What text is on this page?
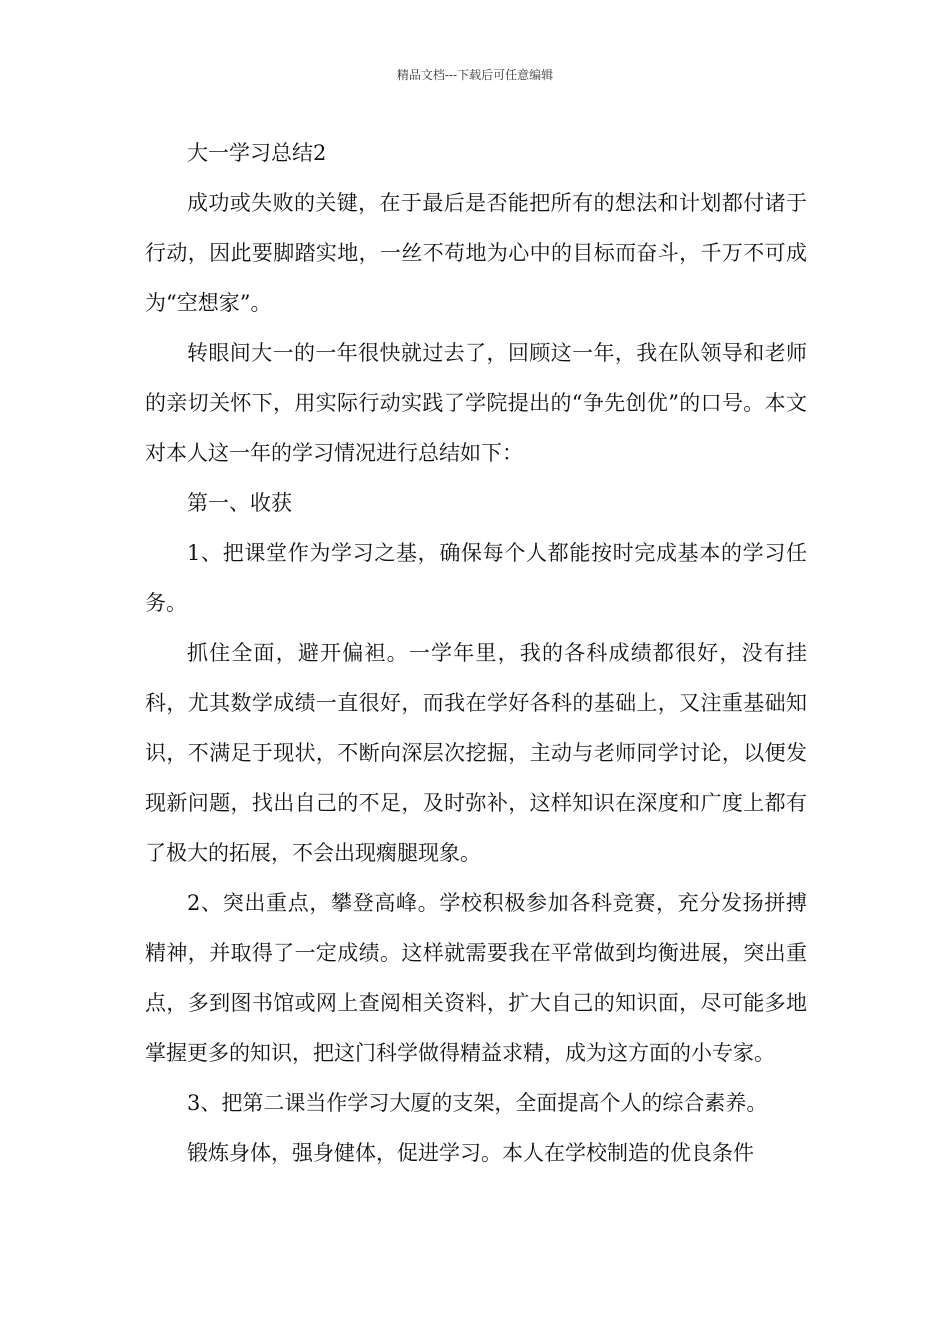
精品文档---下载后可任意编辑

大一学习总结2

成功或失败的关键，在于最后是否能把所有的想法和计划都付诸于行动，因此要脚踏实地，一丝不苟地为心中的目标而奋斗，千万不可成为“空想家”。

转眼间大一的一年很快就过去了，回顾这一年，我在队领导和老师的亲切关怀下，用实际行动实践了学院提出的“争先创优”的口号。本文对本人这一年的学习情况进行总结如下：

第一、收获

1、把课堂作为学习之基，确保每个人都能按时完成基本的学习任务。

抓住全面，避开偏袒。一学年里，我的各科成绩都很好，没有挂科，尤其数学成绩一直很好，而我在学好各科的基础上，又注重基础知识，不满足于现状，不断向深层次挖掘，主动与老师同学讨论，以便发现新问题，找出自己的不足，及时弥补，这样知识在深度和广度上都有了极大的拓展，不会出现瘸腿现象。

2、突出重点，攀登高峰。学校积极参加各科竞赛，充分发扬拼搏精神，并取得了一定成绩。这样就需要我在平常做到均衡进展，突出重点，多到图书馆或网上查阅相关资料，扩大自己的知识面，尽可能多地掌握更多的知识，把这门科学做得精益求精，成为这方面的小专家。

3、把第二课当作学习大厦的支架，全面提高个人的综合素养。

锻炼身体，强身健体，促进学习。本人在学校制造的优良条件
